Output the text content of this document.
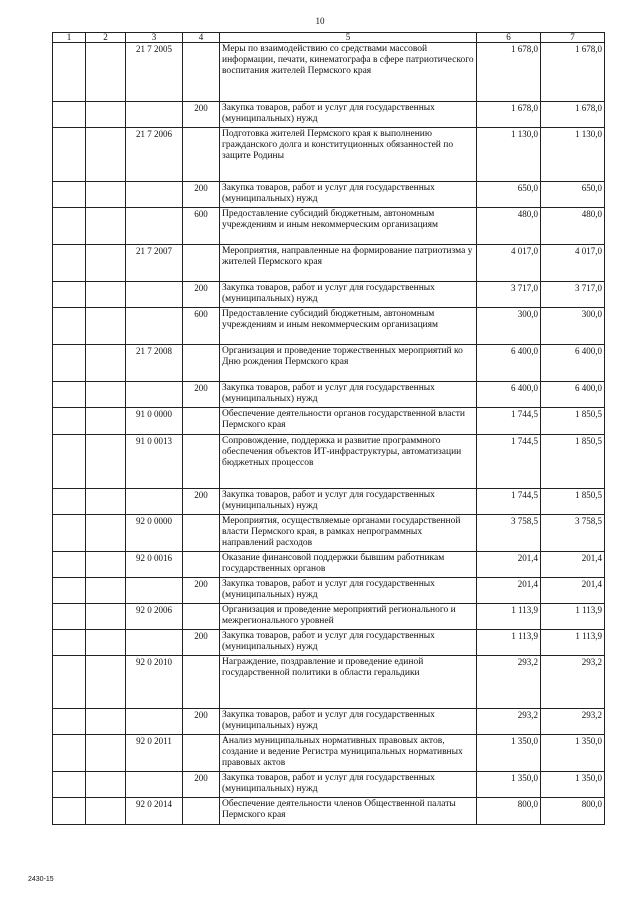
10
1	2	3	4	5	6	7
		21 7 2005		Меры по взаимодействию со средствами массовой информации, печати, кинематографа в сфере патриотического воспитания жителей Пермского края	1 678,0	1 678,0
			200	Закупка товаров, работ и услуг для государственных (муниципальных) нужд	1 678,0	1 678,0
		21 7 2006		Подготовка жителей Пермского края к выполнению гражданского долга и конституционных обязанностей по защите Родины	1 130,0	1 130,0
			200	Закупка товаров, работ и услуг для государственных (муниципальных) нужд	650,0	650,0
			600	Предоставление субсидий бюджетным, автономным учреждениям и иным некоммерческим организациям	480,0	480,0
		21 7 2007		Мероприятия, направленные на формирование патриотизма у жителей Пермского края	4 017,0	4 017,0
			200	Закупка товаров, работ и услуг для государственных (муниципальных) нужд	3 717,0	3 717,0
			600	Предоставление субсидий бюджетным, автономным учреждениям и иным некоммерческим организациям	300,0	300,0
		21 7 2008		Организация и проведение торжественных мероприятий ко Дню рождения Пермского края	6 400,0	6 400,0
			200	Закупка товаров, работ и услуг для государственных (муниципальных) нужд	6 400,0	6 400,0
		91 0 0000		Обеспечение деятельности органов государственной власти Пермского края	1 744,5	1 850,5
		91 0 0013		Сопровождение, поддержка и развитие программного обеспечения объектов ИТ-инфраструктуры, автоматизации бюджетных процессов	1 744,5	1 850,5
			200	Закупка товаров, работ и услуг для государственных (муниципальных) нужд	1 744,5	1 850,5
		92 0 0000		Мероприятия, осуществляемые органами государственной власти Пермского края, в рамках непрограммных направлений расходов	3 758,5	3 758,5
		92 0 0016		Оказание финансовой поддержки бывшим работникам государственных органов	201,4	201,4
			200	Закупка товаров, работ и услуг для государственных (муниципальных) нужд	201,4	201,4
		92 0 2006		Организация и проведение мероприятий регионального и межрегионального уровней	1 113,9	1 113,9
			200	Закупка товаров, работ и услуг для государственных (муниципальных) нужд	1 113,9	1 113,9
		92 0 2010		Награждение, поздравление и проведение единой государственной политики в области геральдики	293,2	293,2
			200	Закупка товаров, работ и услуг для государственных (муниципальных) нужд	293,2	293,2
		92 0 2011		Анализ муниципальных нормативных правовых актов, создание и ведение Регистра муниципальных нормативных правовых актов	1 350,0	1 350,0
			200	Закупка товаров, работ и услуг для государственных (муниципальных) нужд	1 350,0	1 350,0
		92 0 2014		Обеспечение деятельности членов Общественной палаты Пермского края	800,0	800,0
2430-15
